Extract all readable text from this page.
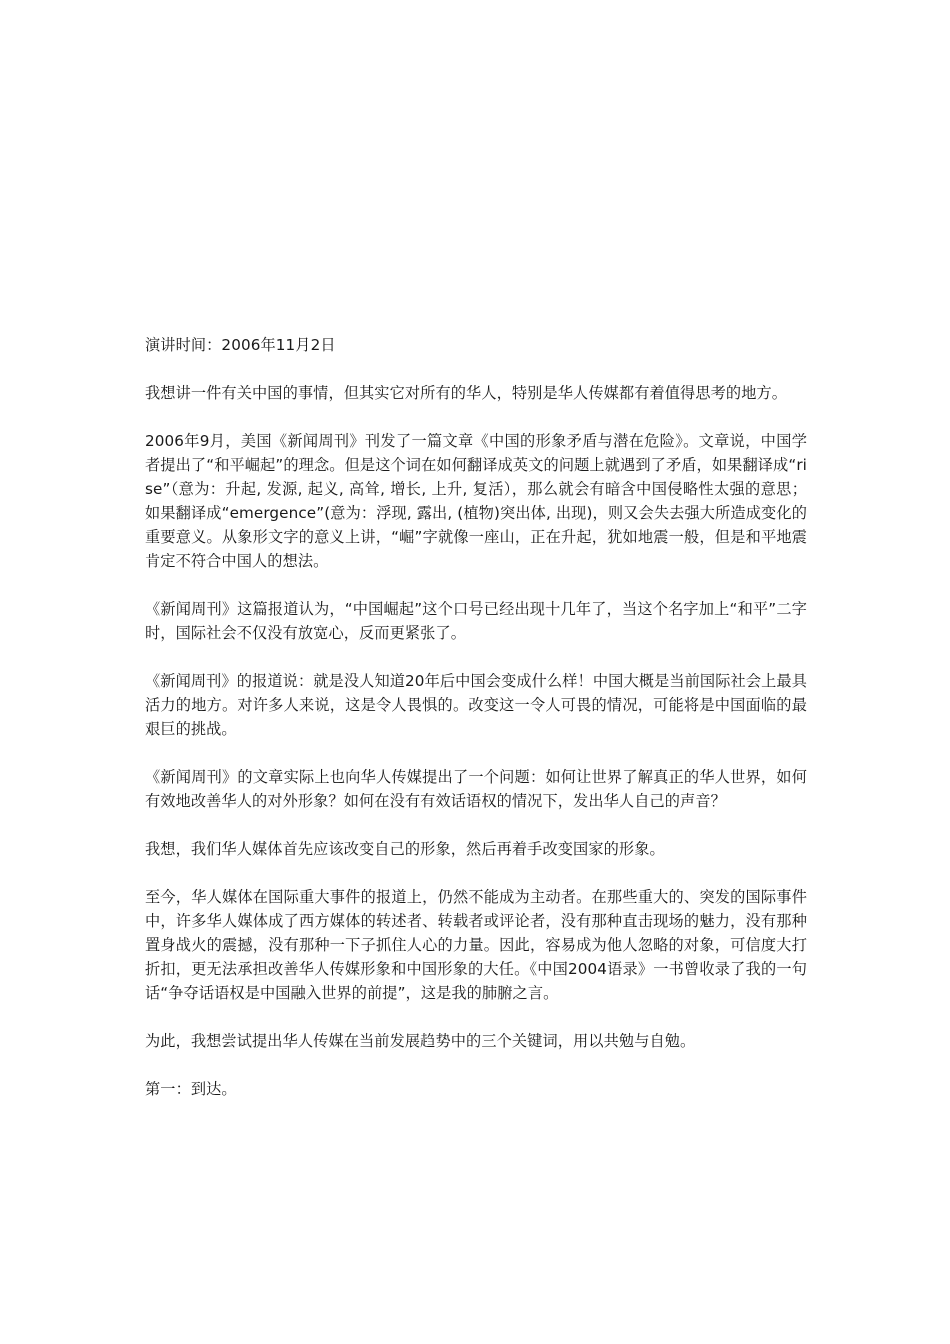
演讲时间：2006年11月2日

我想讲一件有关中国的事情，但其实它对所有的华人，特别是华人传媒都有着值得思考的地方。

2006年9月，美国《新闻周刊》刊发了一篇文章《中国的形象矛盾与潜在危险》。文章说，中国学者提出了“和平崛起”的理念。但是这个词在如何翻译成英文的问题上就遇到了矛盾，如果翻译成“rise”（意为：升起, 发源, 起义, 高耸, 增长, 上升, 复活），那么就会有暗含中国侵略性太强的意思；如果翻译成“emergence”(意为：浮现, 露出, (植物)突出体, 出现)，则又会失去强大所造成变化的重要意义。从象形文字的意义上讲，“崛”字就像一座山，正在升起，犹如地震一般，但是和平地震肯定不符合中国人的想法。

《新闻周刊》这篇报道认为，“中国崛起”这个口号已经出现十几年了，当这个名字加上“和平”二字时，国际社会不仅没有放宽心，反而更紧张了。

《新闻周刊》的报道说：就是没人知道20年后中国会变成什么样！中国大概是当前国际社会上最具活力的地方。对许多人来说，这是令人畏惧的。改变这一令人可畏的情况，可能将是中国面临的最艰巨的挑战。

《新闻周刊》的文章实际上也向华人传媒提出了一个问题：如何让世界了解真正的华人世界，如何有效地改善华人的对外形象？如何在没有有效话语权的情况下，发出华人自己的声音？

我想，我们华人媒体首先应该改变自己的形象，然后再着手改变国家的形象。

至今，华人媒体在国际重大事件的报道上，仍然不能成为主动者。在那些重大的、突发的国际事件中，许多华人媒体成了西方媒体的转述者、转载者或评论者，没有那种直击现场的魅力，没有那种置身战火的震撼，没有那种一下子抓住人心的力量。因此，容易成为他人忽略的对象，可信度大打折扣，更无法承担改善华人传媒形象和中国形象的大任。《中国2004语录》一书曾收录了我的一句话“争夺话语权是中国融入世界的前提”，这是我的肺腑之言。

为此，我想尝试提出华人传媒在当前发展趋势中的三个关键词，用以共勉与自勉。

第一：到达。
